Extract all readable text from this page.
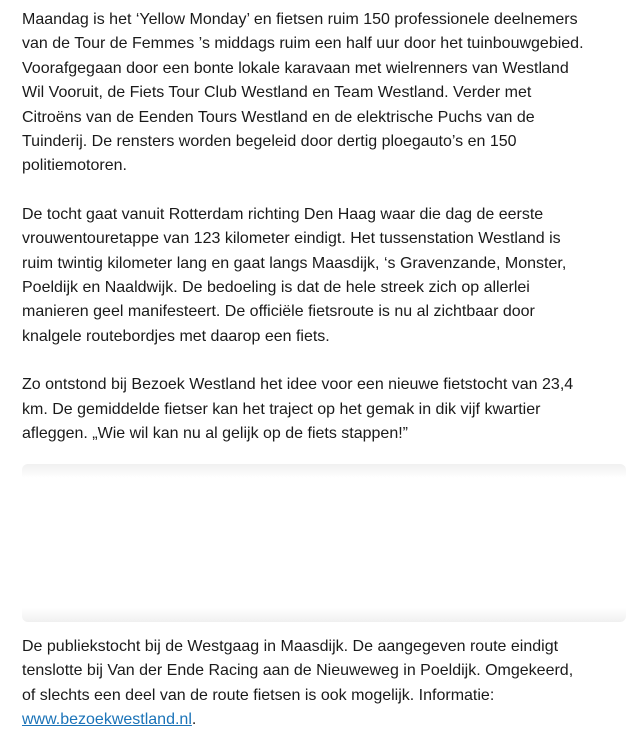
Maandag is het ‘Yellow Monday’ en fietsen ruim 150 professionele deelnemers
van de Tour de Femmes ’s middags ruim een half uur door het tuinbouwgebied.
Voorafgegaan door een bonte lokale karavaan met wielrenners van Westland
Wil Vooruit, de Fiets Tour Club Westland en Team Westland. Verder met
Citroëns van de Eenden Tours Westland en de elektrische Puchs van de
Tuinderij. De rensters worden begeleid door dertig ploegauto’s en 150
politiemotoren.

De tocht gaat vanuit Rotterdam richting Den Haag waar die dag de eerste
vrouwentouretappe van 123 kilometer eindigt. Het tussenstation Westland is
ruim twintig kilometer lang en gaat langs Maasdijk, ‘s Gravenzande, Monster,
Poeldijk en Naaldwijk. De bedoeling is dat de hele streek zich op allerlei
manieren geel manifesteert. De officiële fietsroute is nu al zichtbaar door
knalgele routebordjes met daarop een fiets.

Zo ontstond bij Bezoek Westland het idee voor een nieuwe fietstocht van 23,4
km. De gemiddelde fietser kan het traject op het gemak in dik vijf kwartier
afleggen. „Wie wil kan nu al gelijk op de fiets stappen!”

De publiekstocht bij de Westgaag in Maasdijk. De aangegeven route eindigt
tenslotte bij Van der Ende Racing aan de Nieuweweg in Poeldijk. Omgekeerd,
of slechts een deel van de route fietsen is ook mogelijk. Informatie:
www.bezoekwestland.nl.
